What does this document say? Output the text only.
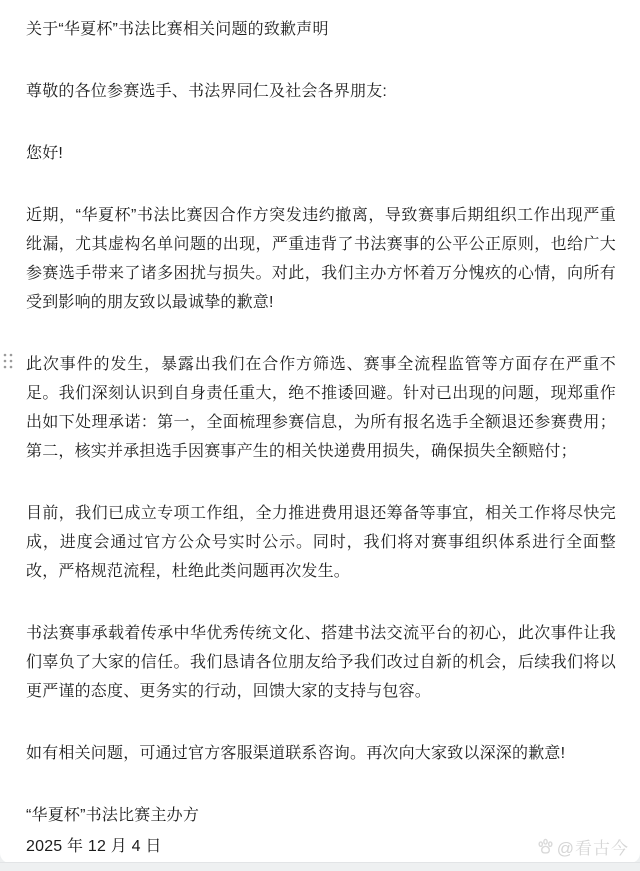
关于“华夏杯”书法比赛相关问题的致歉声明

尊敬的各位参赛选手、书法界同仁及社会各界朋友:

您好!

近期，“华夏杯”书法比赛因合作方突发违约撤离，导致赛事后期组织工作出现严重纰漏，尤其虚构名单问题的出现，严重违背了书法赛事的公平公正原则，也给广大参赛选手带来了诸多困扰与损失。对此，我们主办方怀着万分愧疚的心情，向所有受到影响的朋友致以最诚挚的歉意!

此次事件的发生，暴露出我们在合作方筛选、赛事全流程监管等方面存在严重不足。我们深刻认识到自身责任重大，绝不推诿回避。针对已出现的问题，现郑重作出如下处理承诺：第一，全面梳理参赛信息，为所有报名选手全额退还参赛费用；第二，核实并承担选手因赛事产生的相关快递费用损失，确保损失全额赔付；

目前，我们已成立专项工作组，全力推进费用退还筹备等事宜，相关工作将尽快完成，进度会通过官方公众号实时公示。同时，我们将对赛事组织体系进行全面整改，严格规范流程，杜绝此类问题再次发生。

书法赛事承载着传承中华优秀传统文化、搭建书法交流平台的初心，此次事件让我们辜负了大家的信任。我们恳请各位朋友给予我们改过自新的机会，后续我们将以更严谨的态度、更务实的行动，回馈大家的支持与包容。

如有相关问题，可通过官方客服渠道联系咨询。再次向大家致以深深的歉意!

“华夏杯”书法比赛主办方

2025 年 12 月 4 日	@看古今
